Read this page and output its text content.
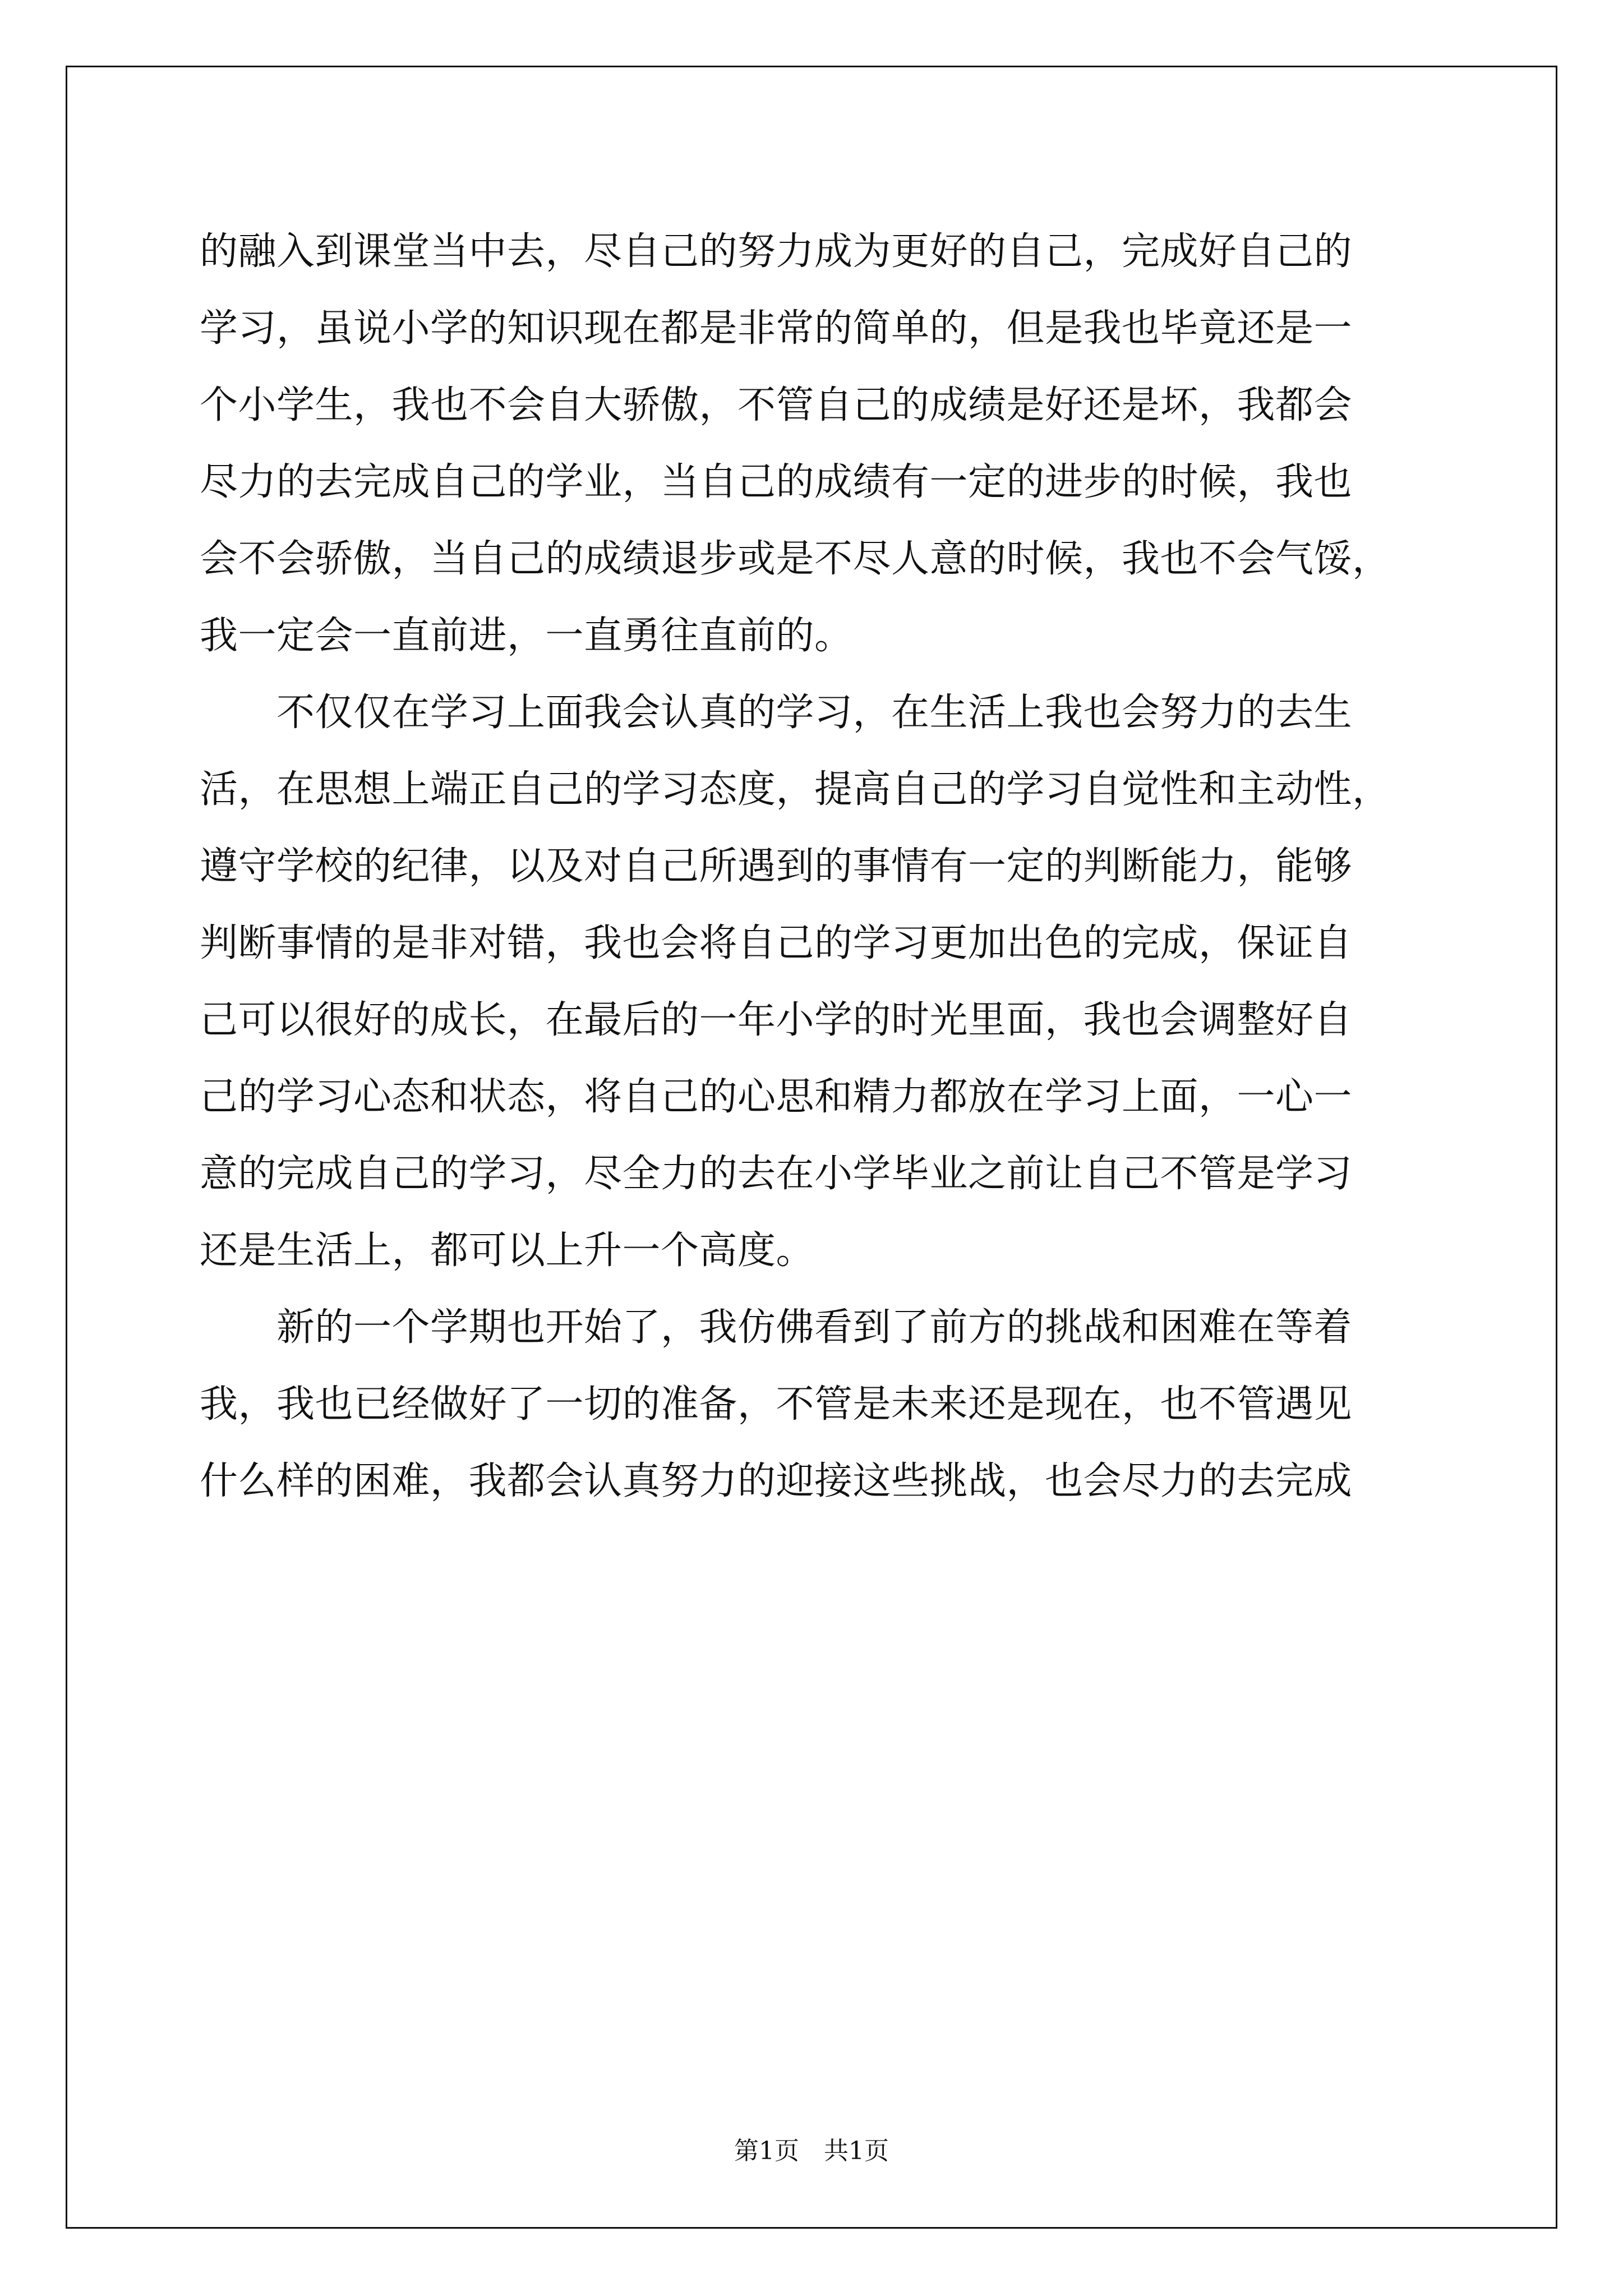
的融入到课堂当中去，尽自己的努力成为更好的自己，完成好自己的
学习，虽说小学的知识现在都是非常的简单的，但是我也毕竟还是一
个小学生，我也不会自大骄傲，不管自己的成绩是好还是坏，我都会
尽力的去完成自己的学业，当自己的成绩有一定的进步的时候，我也
会不会骄傲，当自己的成绩退步或是不尽人意的时候，我也不会气馁，
我一定会一直前进，一直勇往直前的。
　　不仅仅在学习上面我会认真的学习，在生活上我也会努力的去生
活，在思想上端正自己的学习态度，提高自己的学习自觉性和主动性，
遵守学校的纪律，以及对自己所遇到的事情有一定的判断能力，能够
判断事情的是非对错，我也会将自己的学习更加出色的完成，保证自
己可以很好的成长，在最后的一年小学的时光里面，我也会调整好自
己的学习心态和状态，将自己的心思和精力都放在学习上面，一心一
意的完成自己的学习，尽全力的去在小学毕业之前让自己不管是学习
还是生活上，都可以上升一个高度。
　　新的一个学期也开始了，我仿佛看到了前方的挑战和困难在等着
我，我也已经做好了一切的准备，不管是未来还是现在，也不管遇见
什么样的困难，我都会认真努力的迎接这些挑战，也会尽力的去完成
第1页　共1页
